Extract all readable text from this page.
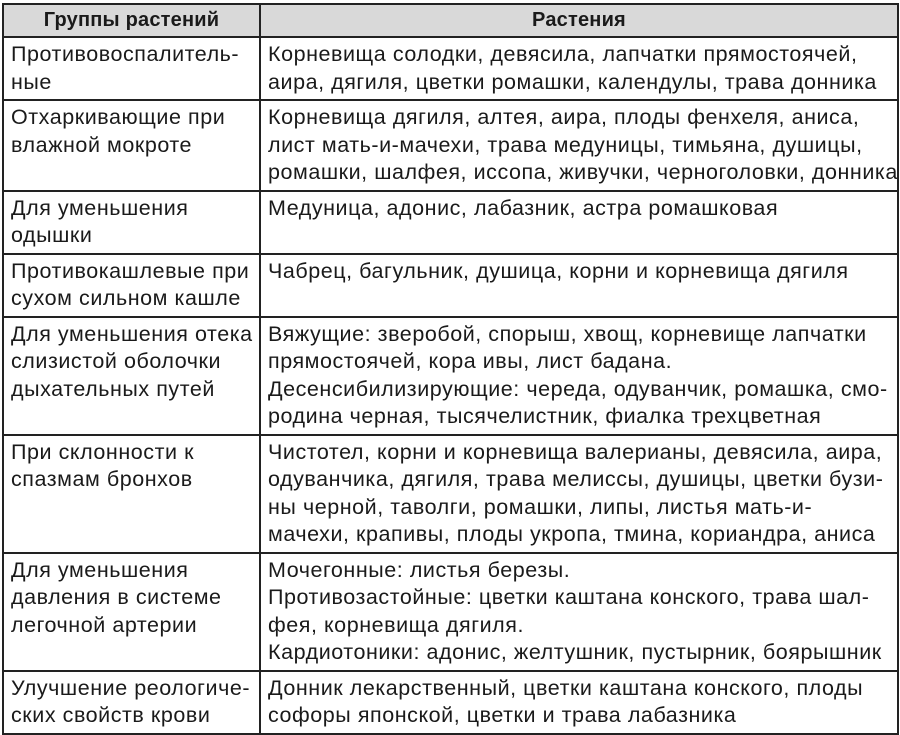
Группы растений	Растения

Противовоспалитель-
ные	Корневища солодки, девясила, лапчатки прямостоячей,
аира, дягиля, цветки ромашки, календулы, трава донника

Отхаркивающие при
влажной мокроте	Корневища дягиля, алтея, аира, плоды фенхеля, аниса,
лист мать-и-мачехи, трава медуницы, тимьяна, душицы,
ромашки, шалфея, иссопа, живучки, черноголовки, донника

Для уменьшения
одышки	Медуница, адонис, лабазник, астра ромашковая

Противокашлевые при
сухом сильном кашле	Чабрец, багульник, душица, корни и корневища дягиля

Для уменьшения отека
слизистой оболочки
дыхательных путей	Вяжущие: зверобой, спорыш, хвощ, корневище лапчатки
прямостоячей, кора ивы, лист бадана.
Десенсибилизирующие: череда, одуванчик, ромашка, смо-
родина черная, тысячелистник, фиалка трехцветная

При склонности к
спазмам бронхов	Чистотел, корни и корневища валерианы, девясила, аира,
одуванчика, дягиля, трава мелиссы, душицы, цветки бузи-
ны черной, таволги, ромашки, липы, листья мать-и-
мачехи, крапивы, плоды укропа, тмина, кориандра, аниса

Для уменьшения
давления в системе
легочной артерии	Мочегонные: листья березы.
Противозастойные: цветки каштана конского, трава шал-
фея, корневища дягиля.
Кардиотоники: адонис, желтушник, пустырник, боярышник

Улучшение реологиче-
ских свойств крови	Донник лекарственный, цветки каштана конского, плоды
софоры японской, цветки и трава лабазника
